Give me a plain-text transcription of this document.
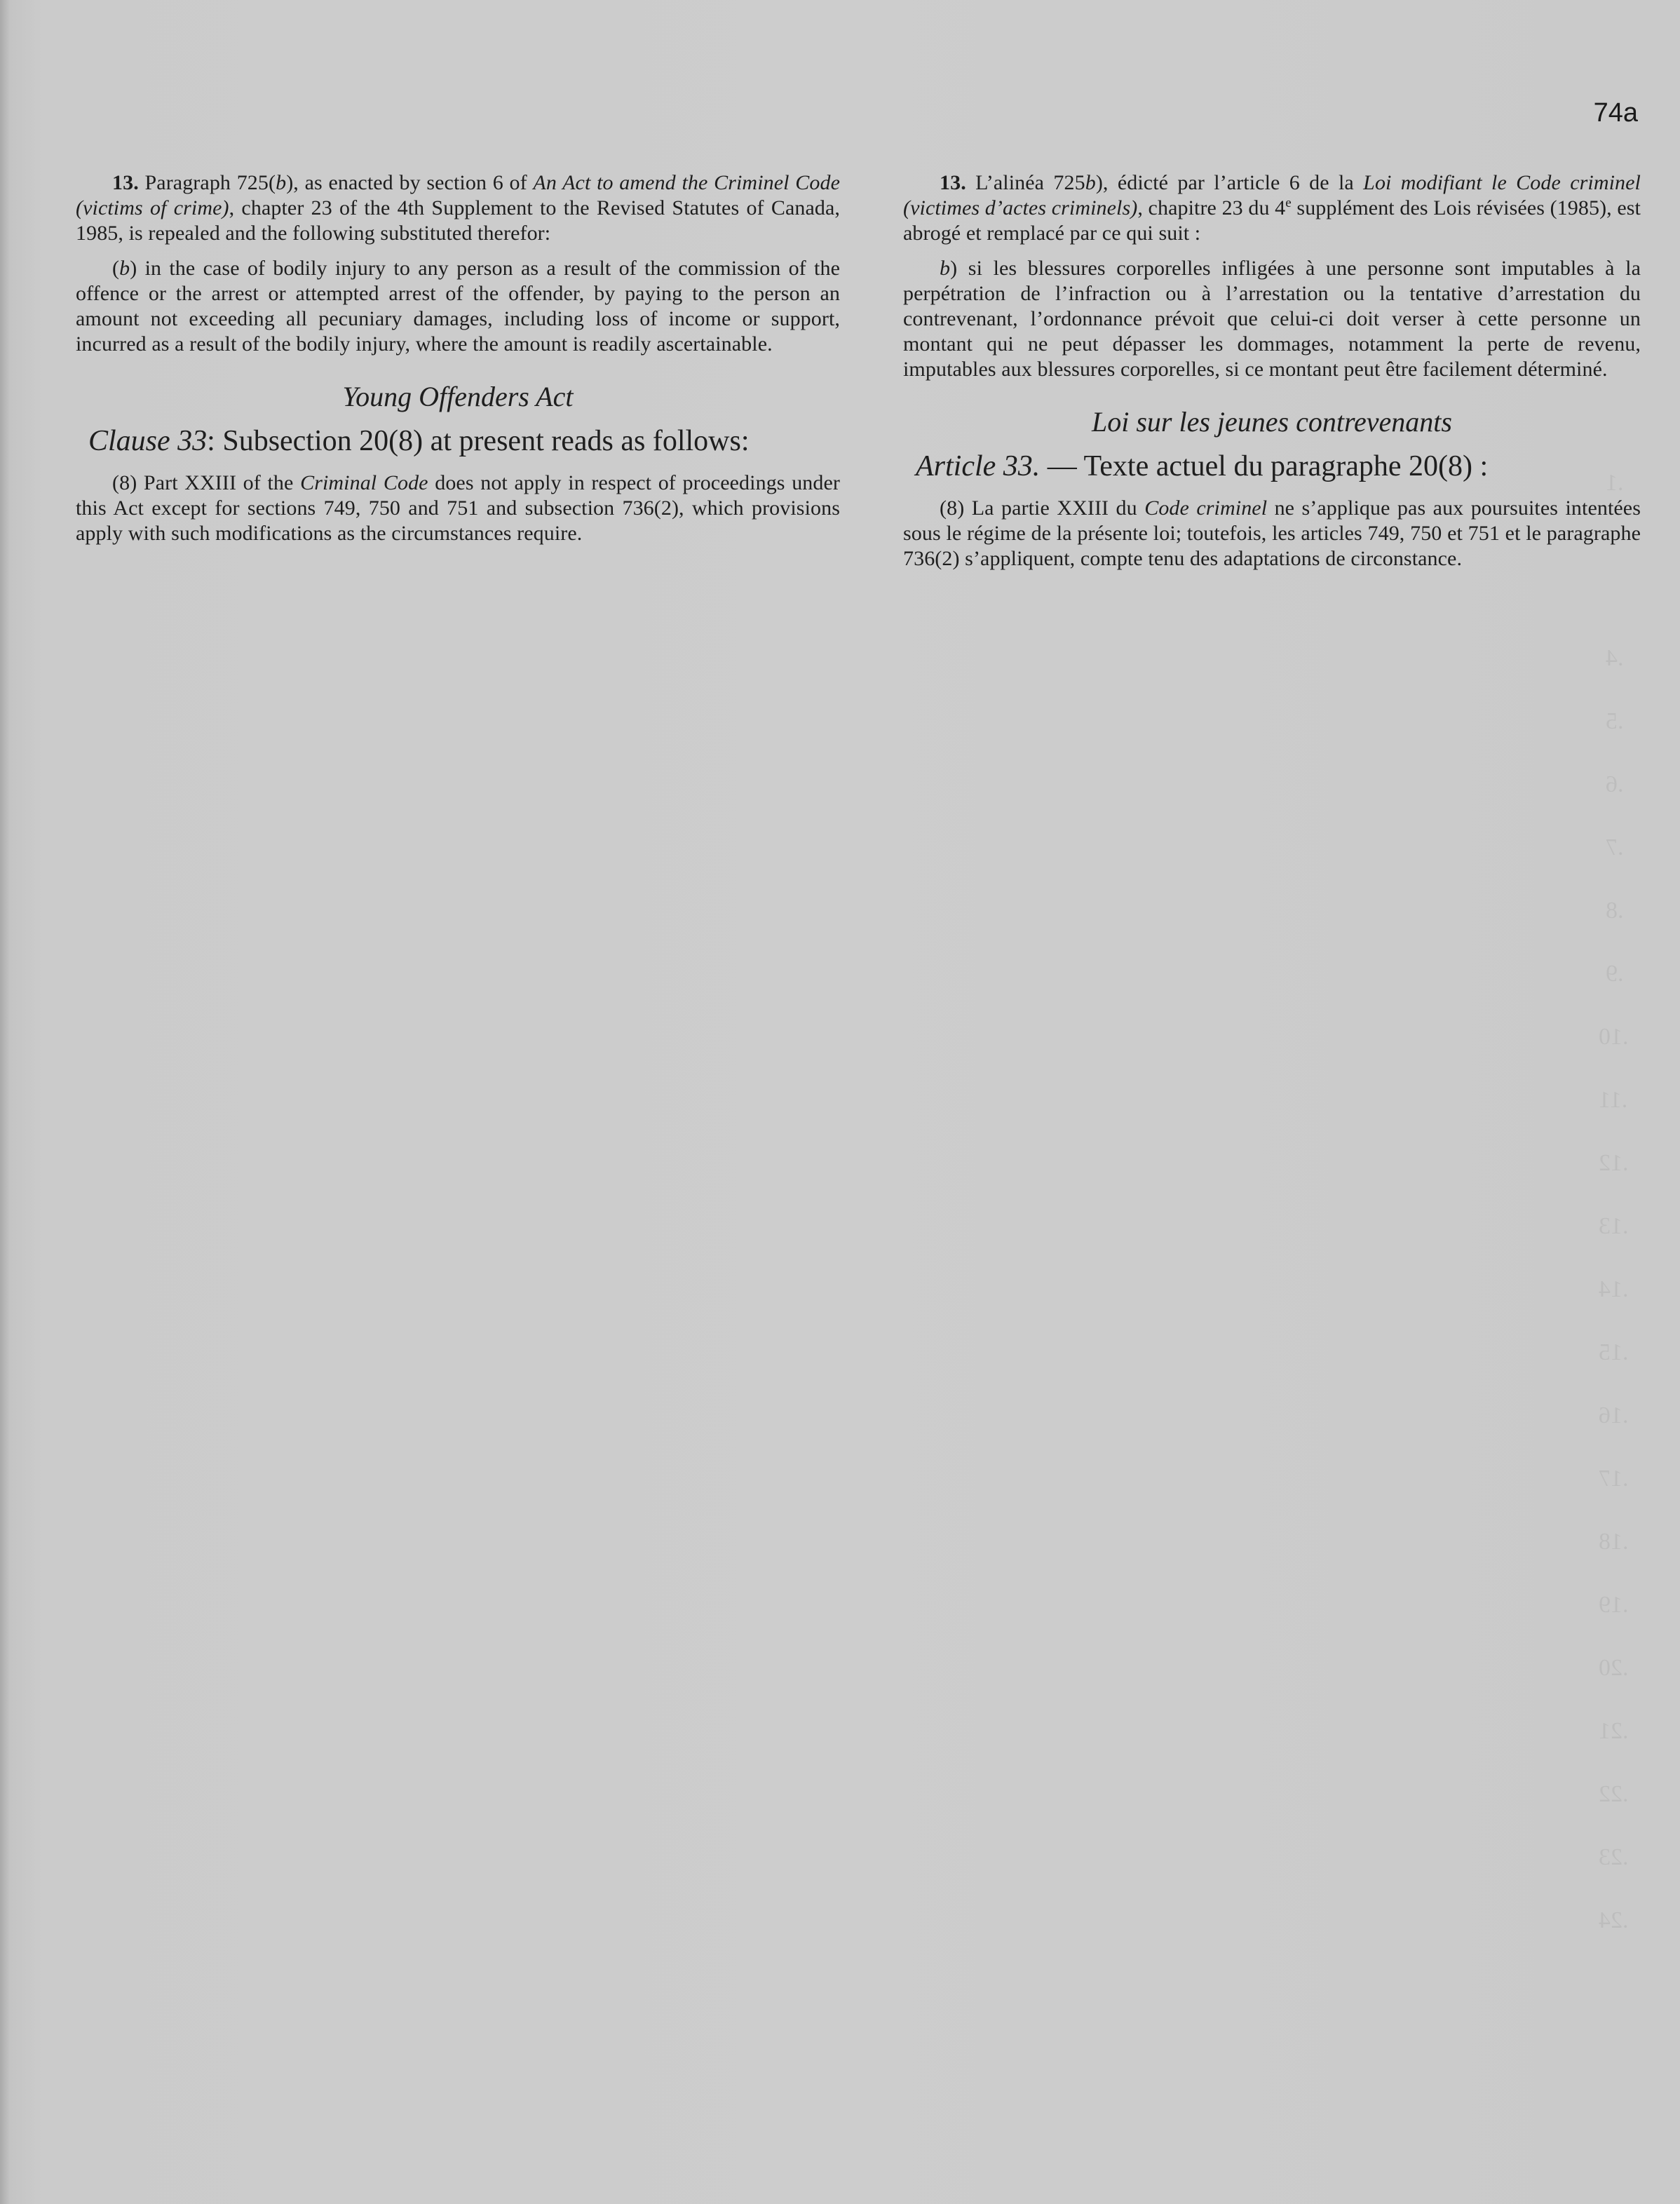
74a

13. Paragraph 725(b), as enacted by section 6 of An Act to amend the Criminel Code (victims of crime), chapter 23 of the 4th Supplement to the Revised Statutes of Canada, 1985, is repealed and the following substituted therefor:

(b) in the case of bodily injury to any person as a result of the commission of the offence or the arrest or attempted arrest of the offender, by paying to the person an amount not exceeding all pecuniary damages, including loss of income or support, incurred as a result of the bodily injury, where the amount is readily ascertainable.

Young Offenders Act
Clause 33: Subsection 20(8) at present reads as follows:

(8) Part XXIII of the Criminal Code does not apply in respect of proceedings under this Act except for sections 749, 750 and 751 and subsection 736(2), which provisions apply with such modifications as the circumstances require.

13. L’alinéa 725b), édicté par l’article 6 de la Loi modifiant le Code criminel (victimes d’actes criminels), chapitre 23 du 4e supplément des Lois révisées (1985), est abrogé et remplacé par ce qui suit :

b) si les blessures corporelles infligées à une personne sont imputables à la perpétration de l’infraction ou à l’arrestation ou la tentative d’arrestation du contrevenant, l’ordonnance prévoit que celui-ci doit verser à cette personne un montant qui ne peut dépasser les dommages, notamment la perte de revenu, imputables aux blessures corporelles, si ce montant peut être facilement déterminé.

Loi sur les jeunes contrevenants
Article 33. — Texte actuel du paragraphe 20(8) :

(8) La partie XXIII du Code criminel ne s’applique pas aux poursuites intentées sous le régime de la présente loi; toutefois, les articles 749, 750 et 751 et le paragraphe 736(2) s’appliquent, compte tenu des adaptations de circonstance.
